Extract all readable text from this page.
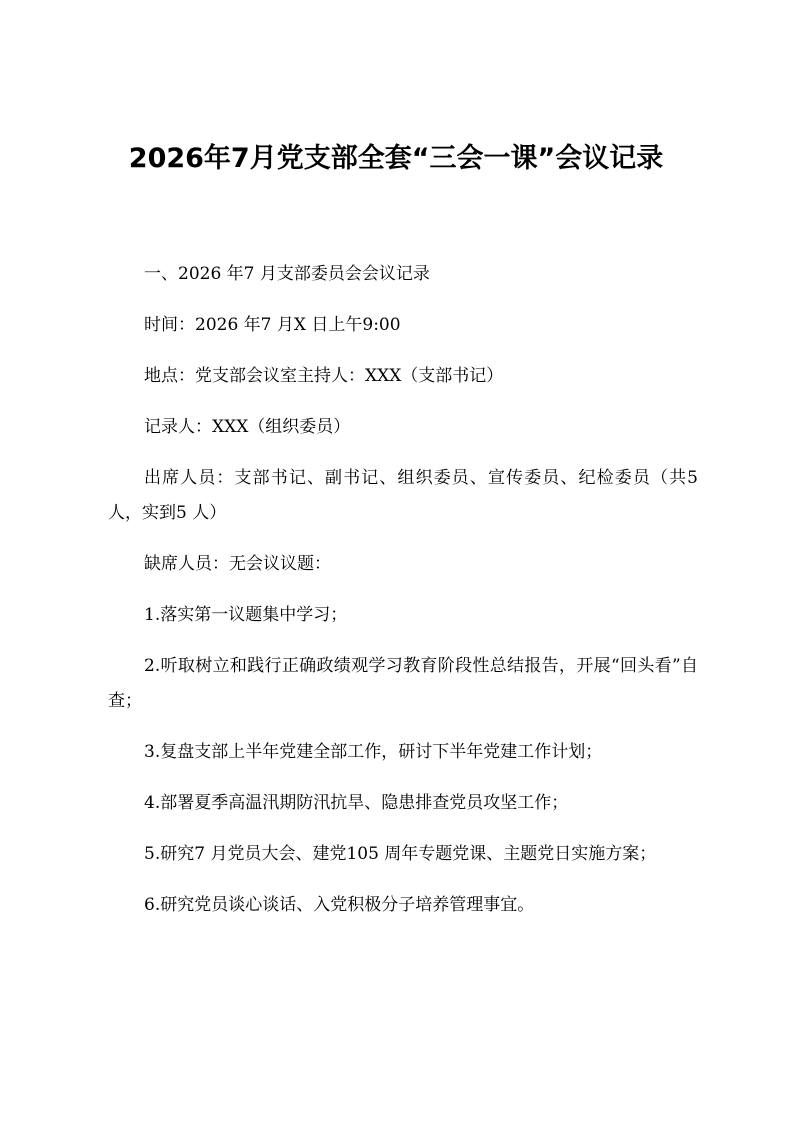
2026年7月党支部全套“三会一课”会议记录

一、2026 年7 月支部委员会会议记录

时间：2026 年7 月X 日上午9:00

地点：党支部会议室主持人：XXX（支部书记）

记录人：XXX（组织委员）

出席人员：支部书记、副书记、组织委员、宣传委员、纪检委员（共5 人，实到5 人）

缺席人员：无会议议题：

1.落实第一议题集中学习；

2.听取树立和践行正确政绩观学习教育阶段性总结报告，开展“回头看”自查；

3.复盘支部上半年党建全部工作，研讨下半年党建工作计划；

4.部署夏季高温汛期防汛抗旱、隐患排查党员攻坚工作；

5.研究7 月党员大会、建党105 周年专题党课、主题党日实施方案；

6.研究党员谈心谈话、入党积极分子培养管理事宜。
